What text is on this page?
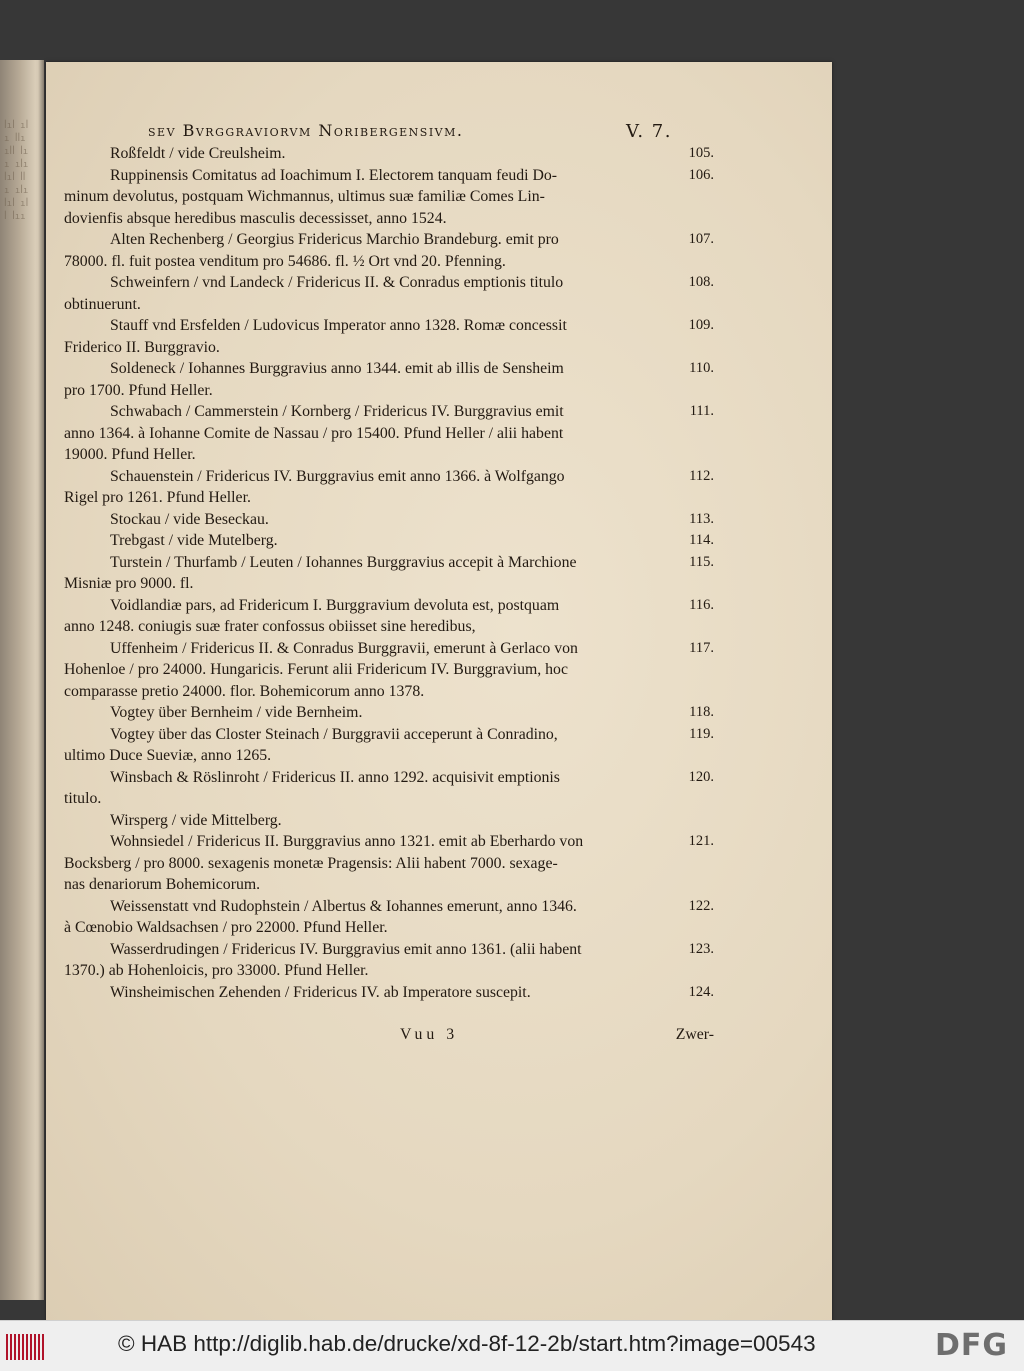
ꟾıꟾ ıꟾı ꟾꟾı ıꟾꟾ ꟾıı ıꟾı ꟾıꟾ ꟾꟾı ıꟾı ꟾıꟾ ıꟾꟾ ꟾıı
sev Bvrggraviorvm Noribergensivm.	V. 7.
Roßfeldt / vide Creulsheim.	105.
Ruppinensis Comitatus ad Ioachimum I. Electorem tanquam feudi Do-	106.
minum devolutus, postquam Wichmannus, ultimus suæ familiæ Comes Lin-
dovienfis absque heredibus masculis decessisset, anno 1524.
Alten Rechenberg / Georgius Fridericus Marchio Brandeburg. emit pro	107.
78000. fl. fuit postea venditum pro 54686. fl. ½ Ort vnd 20. Pfenning.
Schweinfern / vnd Landeck / Fridericus II. & Conradus emptionis titulo	108.
obtinuerunt.
Stauff vnd Ersfelden / Ludovicus Imperator anno 1328. Romæ concessit	109.
Friderico II. Burggravio.
Soldeneck / Iohannes Burggravius anno 1344. emit ab illis de Sensheim	110.
pro 1700. Pfund Heller.
Schwabach / Cammerstein / Kornberg / Fridericus IV. Burggravius emit	111.
anno 1364. à Iohanne Comite de Nassau / pro 15400. Pfund Heller / alii habent
19000. Pfund Heller.
Schauenstein / Fridericus IV. Burggravius emit anno 1366. à Wolfgango	112.
Rigel pro 1261. Pfund Heller.
Stockau / vide Beseckau.	113.
Trebgast / vide Mutelberg.	114.
Turstein / Thurfamb / Leuten / Iohannes Burggravius accepit à Marchione	115.
Misniæ pro 9000. fl.
Voidlandiæ pars, ad Fridericum I. Burggravium devoluta est, postquam	116.
anno 1248. coniugis suæ frater confossus obiisset sine heredibus,
Uffenheim / Fridericus II. & Conradus Burggravii, emerunt à Gerlaco von	117.
Hohenloe / pro 24000. Hungaricis. Ferunt alii Fridericum IV. Burggravium, hoc
comparasse pretio 24000. flor. Bohemicorum anno 1378.
Vogtey über Bernheim / vide Bernheim.	118.
Vogtey über das Closter Steinach / Burggravii acceperunt à Conradino,	119.
ultimo Duce Sueviæ, anno 1265.
Winsbach & Röslinroht / Fridericus II. anno 1292. acquisivit emptionis	120.
titulo.
Wirsperg / vide Mittelberg.
Wohnsiedel / Fridericus II. Burggravius anno 1321. emit ab Eberhardo von	121.
Bocksberg / pro 8000. sexagenis monetæ Pragensis: Alii habent 7000. sexage-
nas denariorum Bohemicorum.
Weissenstatt vnd Rudophstein / Albertus & Iohannes emerunt, anno 1346.	122.
à Cœnobio Waldsachsen / pro 22000. Pfund Heller.
Wasserdrudingen / Fridericus IV. Burggravius emit anno 1361. (alii habent	123.
1370.) ab Hohenloicis, pro 33000. Pfund Heller.
Winsheimischen Zehenden / Fridericus IV. ab Imperatore suscepit.	124.
Vuu 3	Zwer-
© HAB http://diglib.hab.de/drucke/xd-8f-12-2b/start.htm?image=00543	DFG
